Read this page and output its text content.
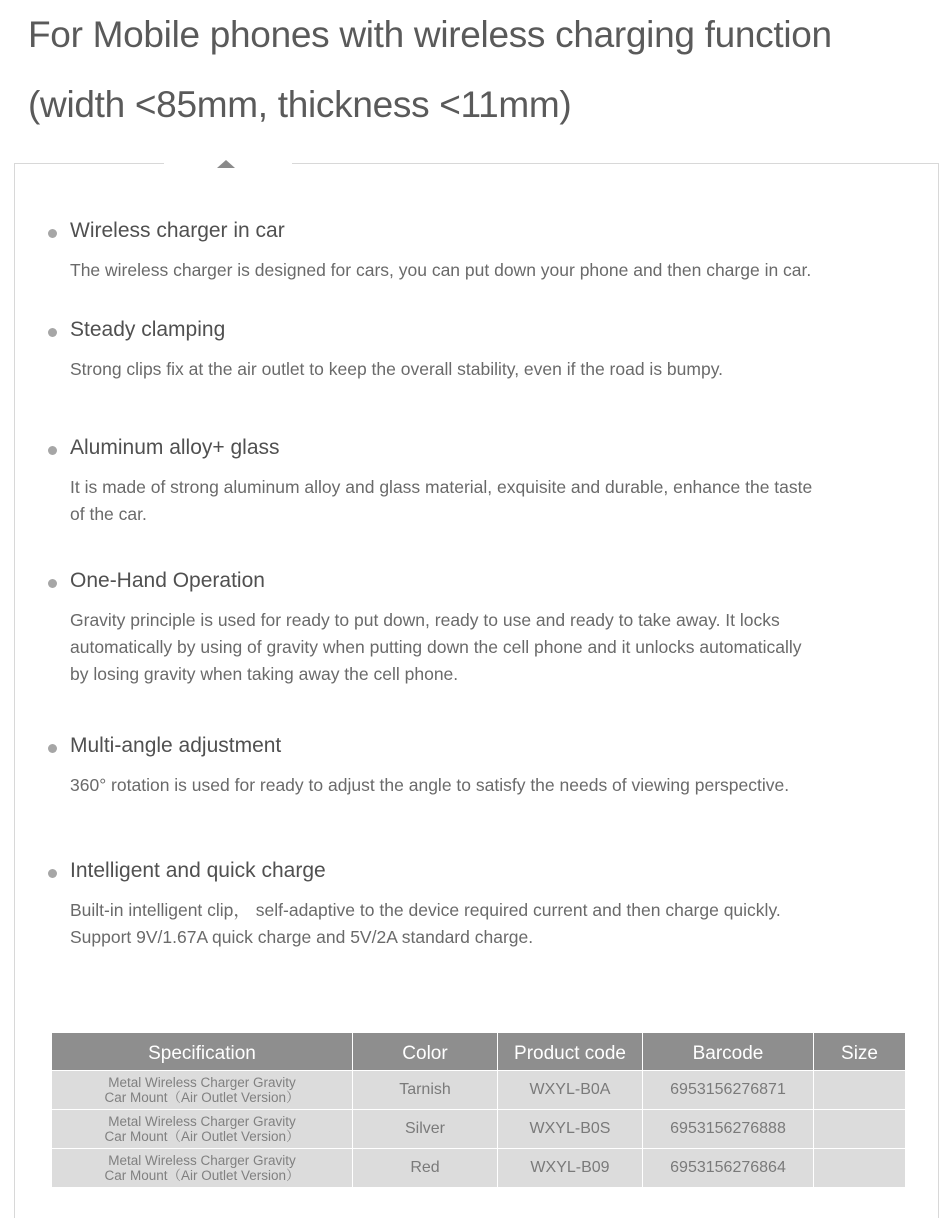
For Mobile phones with wireless charging function
(width <85mm, thickness <11mm)
Wireless charger in car
The wireless charger is designed for cars, you can put down your phone and then charge in car.
Steady clamping
Strong clips fix at the air outlet to keep the overall stability, even if the road is bumpy.
Aluminum alloy+ glass
It is made of strong aluminum alloy and glass material, exquisite and durable, enhance the taste
of the car.
One-Hand Operation
Gravity principle is used for ready to put down, ready to use and ready to take away. It locks
automatically by using of gravity when putting down the cell phone and it unlocks automatically
by losing gravity when taking away the cell phone.
Multi-angle adjustment
360° rotation is used for ready to adjust the angle to satisfy the needs of viewing perspective.
Intelligent and quick charge
Built-in intelligent clip， self-adaptive to the device required current and then charge quickly.
Support 9V/1.67A quick charge and 5V/2A standard charge.
Specification	Color	Product code	Barcode	Size
Metal Wireless Charger Gravity
Car Mount（Air Outlet Version）	Tarnish	WXYL-B0A	6953156276871	
Metal Wireless Charger Gravity
Car Mount（Air Outlet Version）	Silver	WXYL-B0S	6953156276888	
Metal Wireless Charger Gravity
Car Mount（Air Outlet Version）	Red	WXYL-B09	6953156276864	
